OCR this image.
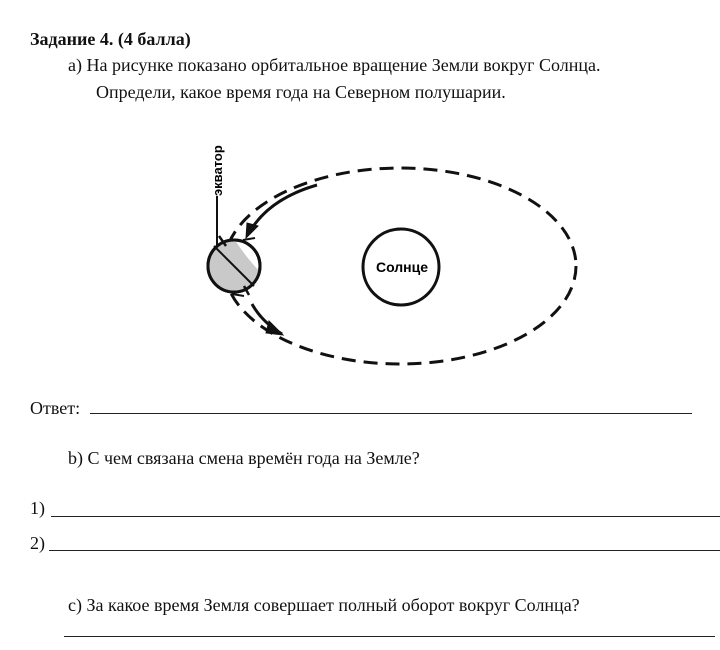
Задание 4. (4 балла)
а) На рисунке показано орбитальное вращение Земли вокруг Солнца.
Определи, какое время года на Северном полушарии.
экватор
Солнце
Ответ:
b) С чем связана смена времён года на Земле?
1)
2)
с) За какое время Земля совершает полный оборот вокруг Солнца?
